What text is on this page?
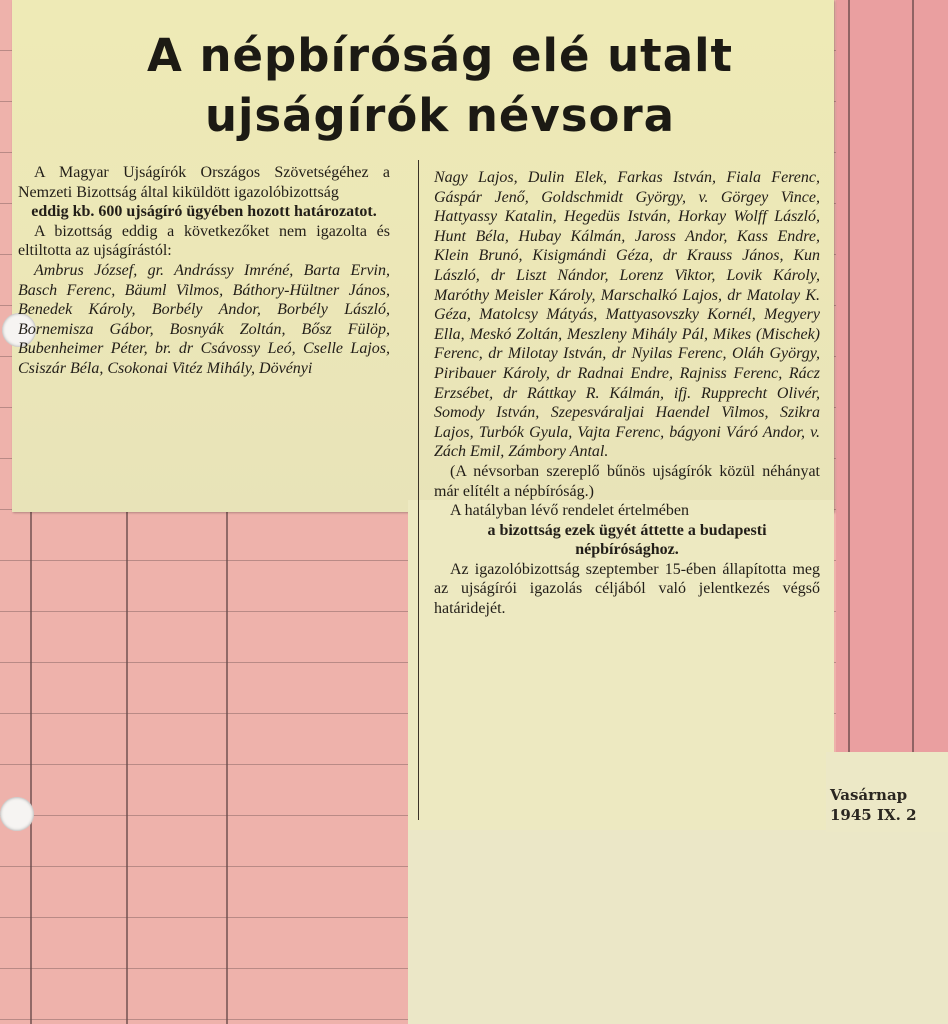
A népbíróság elé utalt
ujságírók névsora

A Magyar Ujságírók Országos Szövetségéhez a Nemzeti Bizottság által kiküldött igazolóbizottság

eddig kb. 600 ujságíró ügyében hozott határozatot.

A bizottság eddig a következőket nem igazolta és eltiltotta az ujságírástól:

Ambrus József, gr. Andrássy Imréné, Barta Ervin, Basch Ferenc, Bäuml Vilmos, Báthory-Hültner János, Benedek Károly, Borbély Andor, Borbély László, Bornemisza Gábor, Bosnyák Zoltán, Bősz Fülöp, Bubenheimer Péter, br. dr Csávossy Leó, Cselle Lajos, Csiszár Béla, Csokonai Vitéz Mihály, Dövényi

Nagy Lajos, Dulin Elek, Farkas István, Fiala Ferenc, Gáspár Jenő, Goldschmidt György, v. Görgey Vince, Hattyassy Katalin, Hegedüs István, Horkay Wolff László, Hunt Béla, Hubay Kálmán, Jaross Andor, Kass Endre, Klein Brunó, Kisigmándi Géza, dr Krauss János, Kun László, dr Liszt Nándor, Lorenz Viktor, Lovik Károly, Maróthy Meisler Károly, Marschalkó Lajos, dr Matolay K. Géza, Matolcsy Mátyás, Mattyasovszky Kornél, Megyery Ella, Meskó Zoltán, Meszleny Mihály Pál, Mikes (Mischek) Ferenc, dr Milotay István, dr Nyilas Ferenc, Oláh György, Piribauer Károly, dr Radnai Endre, Rajniss Ferenc, Rácz Erzsébet, dr Ráttkay R. Kálmán, ifj. Rupprecht Olivér, Somody István, Szepesváraljai Haendel Vilmos, Szikra Lajos, Turbók Gyula, Vajta Ferenc, bágyoni Váró Andor, v. Zách Emil, Zámbory Antal.

(A névsorban szereplő bűnös ujságírók közül néhányat már elítélt a népbíróság.)

A hatályban lévő rendelet értelmében

a bizottság ezek ügyét áttette a budapesti népbírósághoz.

Az igazolóbizottság szeptember 15-ében állapította meg az ujságírói igazolás céljából való jelentkezés végső határidejét.

Vasárnap
1945 IX. 2
